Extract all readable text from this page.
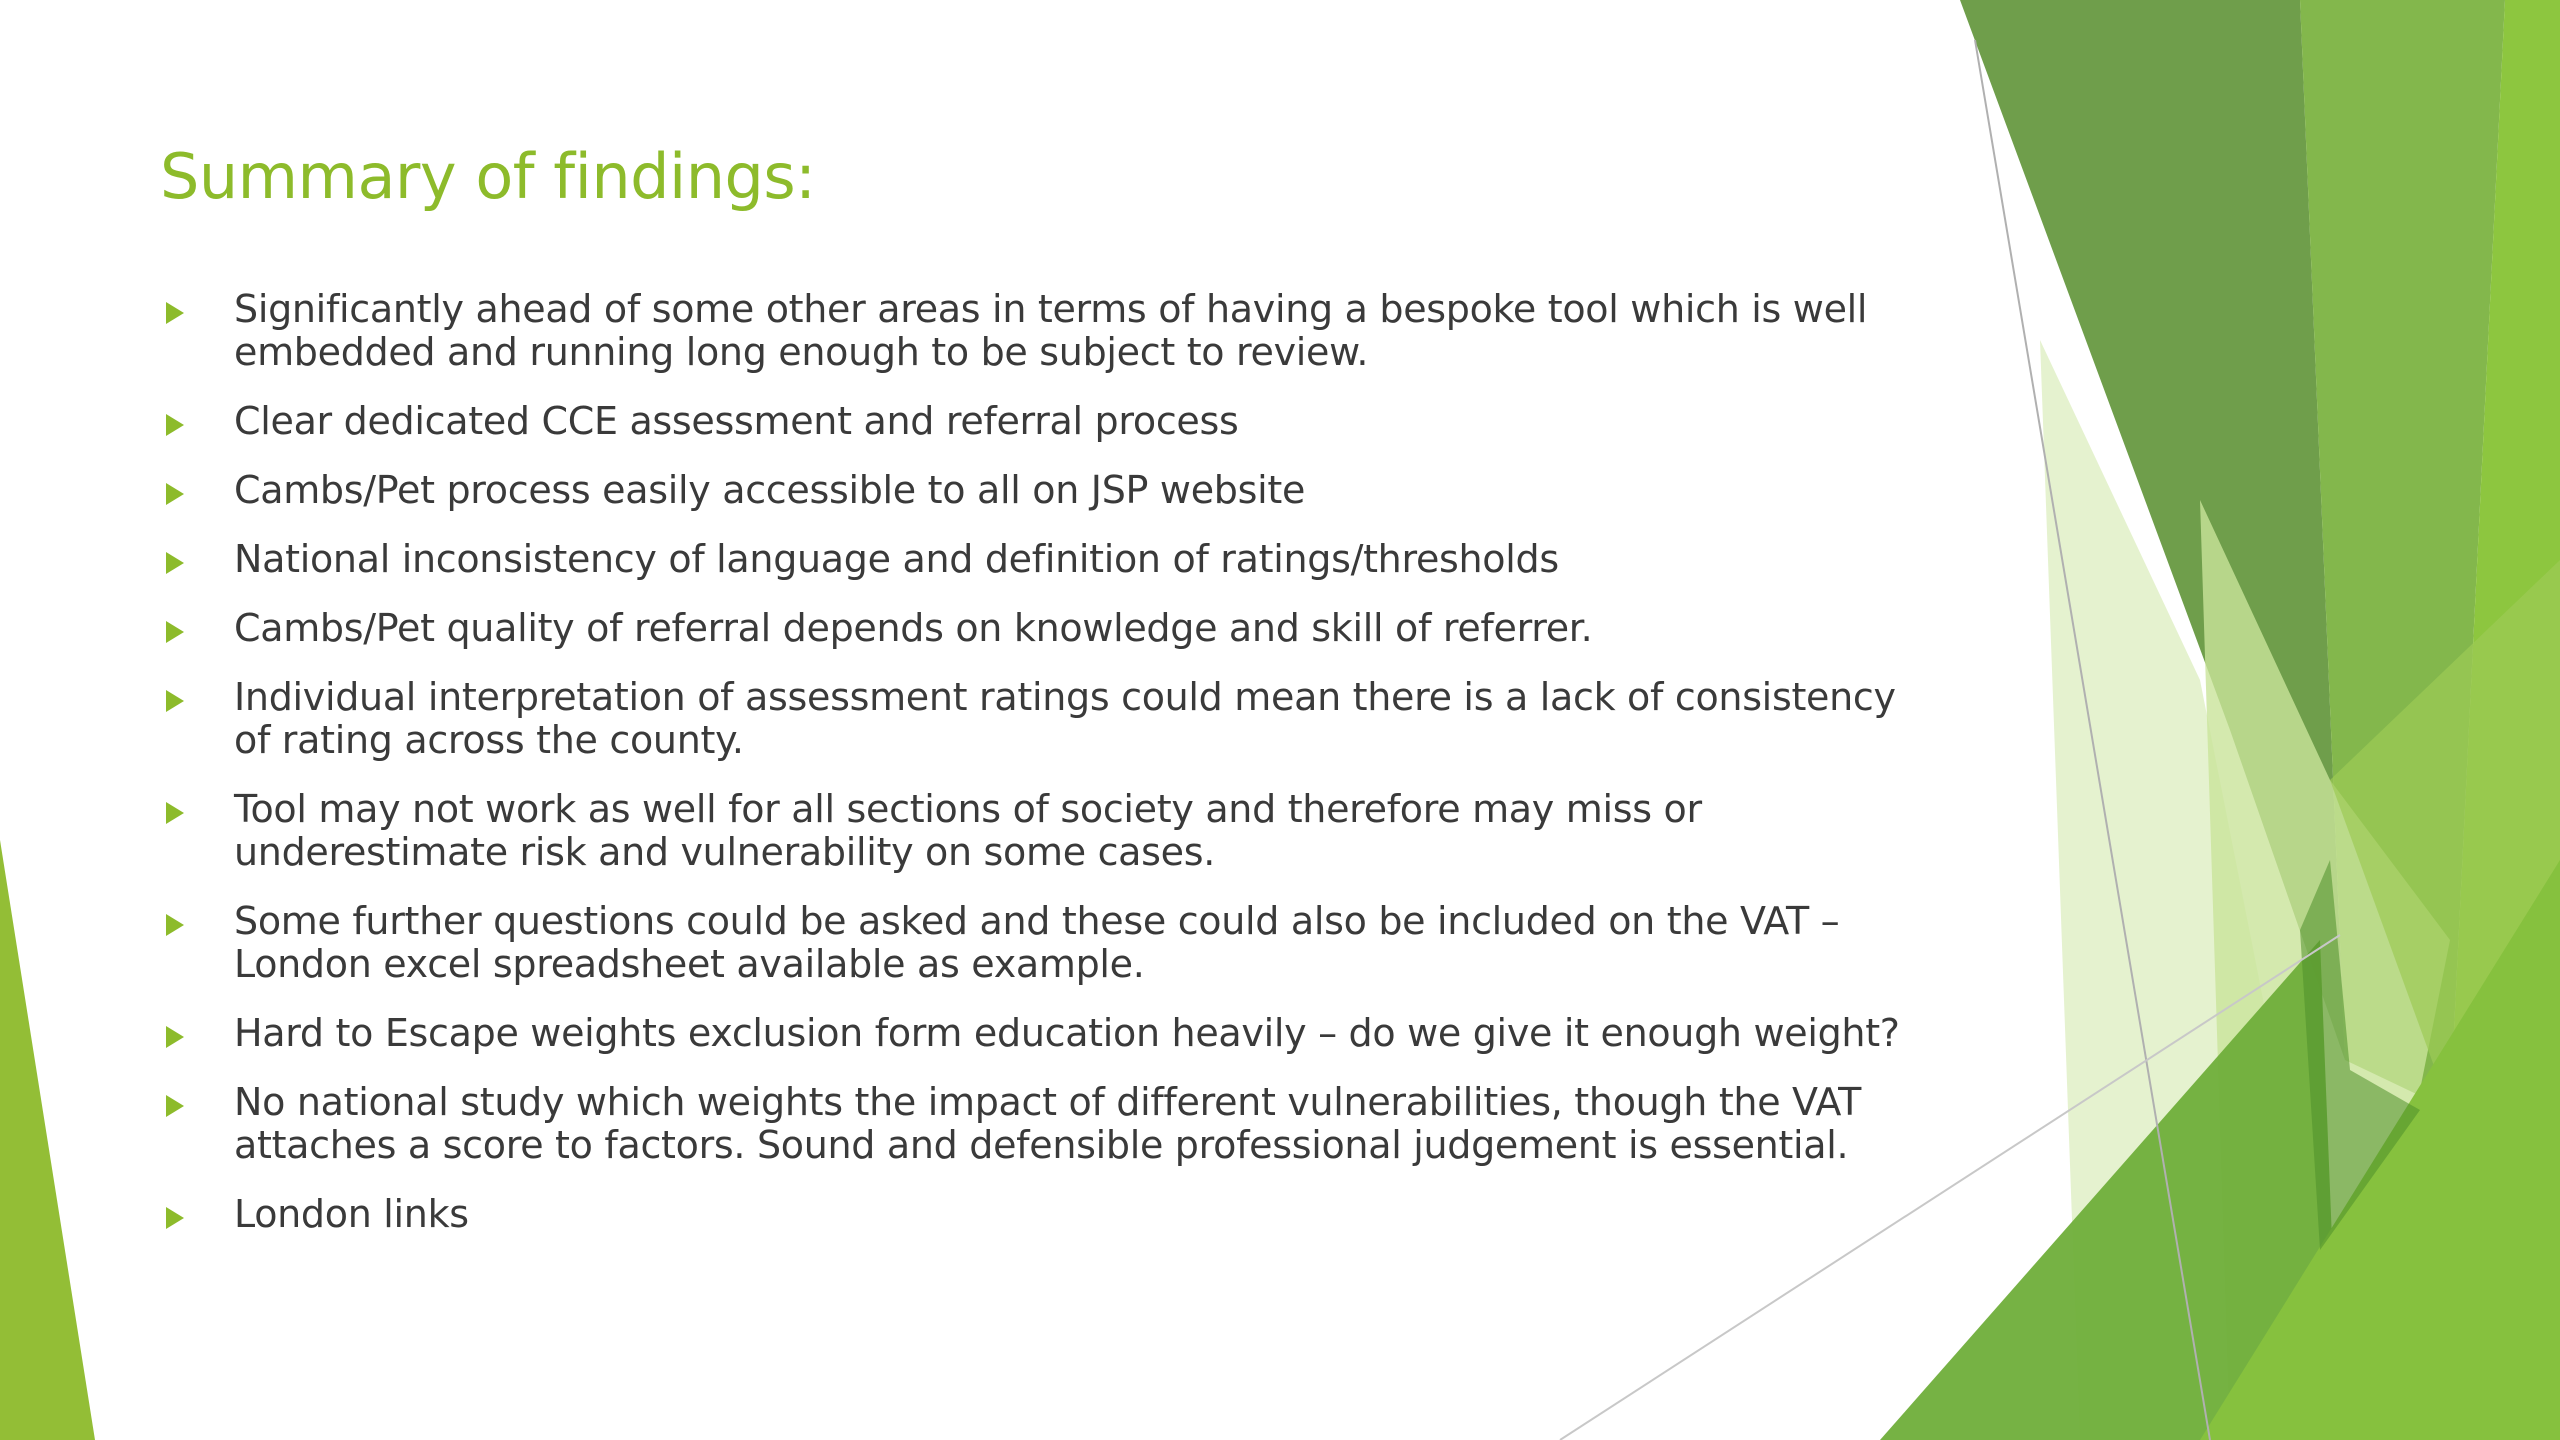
Summary of findings:
Significantly ahead of some other areas in terms of having a bespoke tool which is well embedded and running long enough to be subject to review.
Clear dedicated CCE assessment and referral process
Cambs/Pet process easily accessible to all on JSP website
National inconsistency of language and definition of ratings/thresholds
Cambs/Pet quality of referral depends on knowledge and skill of referrer.
Individual interpretation of assessment ratings could mean there is a lack of consistency of rating across the county.
Tool may not work as well for all sections of society and therefore may miss or underestimate risk and vulnerability on some cases.
Some further questions could be asked and these could also be included on the VAT – London excel spreadsheet available as example.
Hard to Escape weights exclusion form education heavily – do we give it enough weight?
No national study which weights the impact of different vulnerabilities, though the VAT attaches a score to factors. Sound and defensible professional judgement is essential.
London links
